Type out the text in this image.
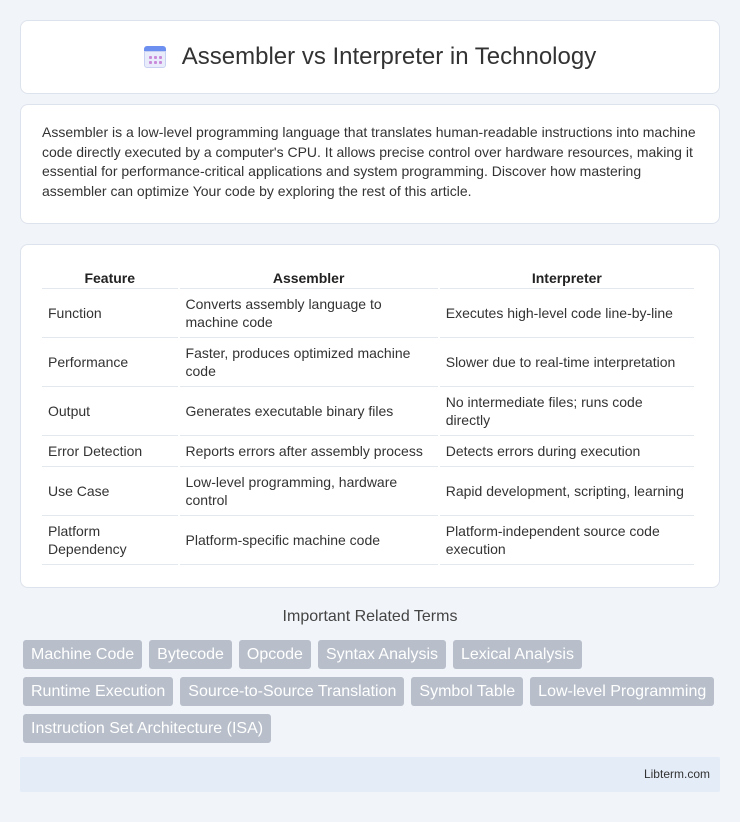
Assembler vs Interpreter in Technology

Assembler is a low-level programming language that translates human-readable instructions into machine code directly executed by a computer's CPU. It allows precise control over hardware resources, making it essential for performance-critical applications and system programming. Discover how mastering assembler can optimize Your code by exploring the rest of this article.

Feature	Assembler	Interpreter
Function	Converts assembly language to machine code	Executes high-level code line-by-line
Performance	Faster, produces optimized machine code	Slower due to real-time interpretation
Output	Generates executable binary files	No intermediate files; runs code directly
Error Detection	Reports errors after assembly process	Detects errors during execution
Use Case	Low-level programming, hardware control	Rapid development, scripting, learning
Platform Dependency	Platform-specific machine code	Platform-independent source code execution
Important Related Terms
Machine Code	Bytecode	Opcode	Syntax Analysis	Lexical Analysis
Runtime Execution	Source-to-Source Translation	Symbol Table	Low-level Programming
Instruction Set Architecture (ISA)
Libterm.com
